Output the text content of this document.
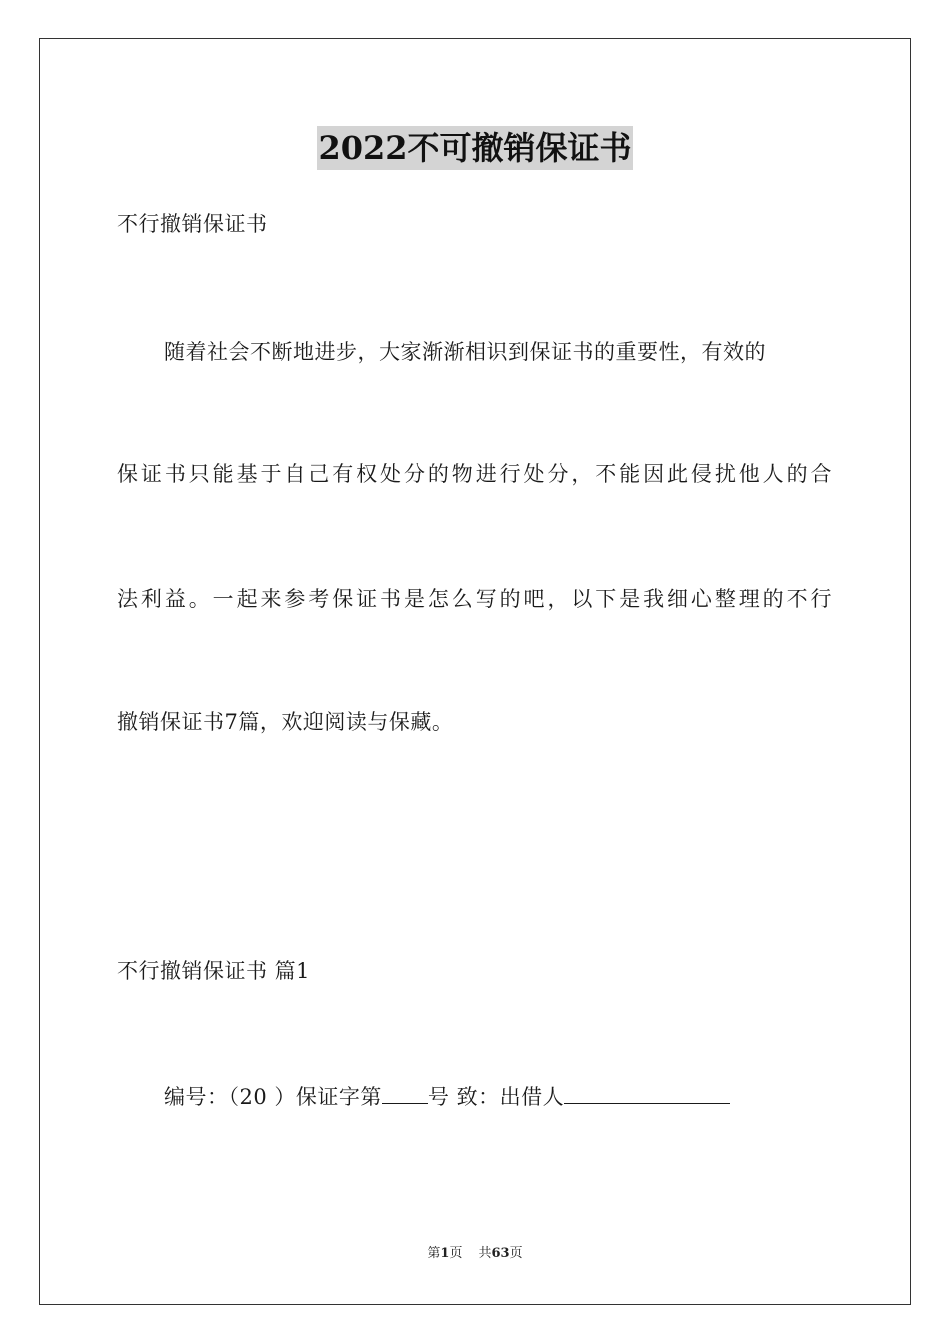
2022不可撤销保证书
不行撤销保证书
随着社会不断地进步，大家渐渐相识到保证书的重要性，有效的
保证书只能基于自己有权处分的物进行处分，不能因此侵扰他人的合
法利益。一起来参考保证书是怎么写的吧，以下是我细心整理的不行
撤销保证书7篇，欢迎阅读与保藏。
不行撤销保证书 篇1
编号：（20 ）保证字第 号 致：出借人
第1页 共63页
